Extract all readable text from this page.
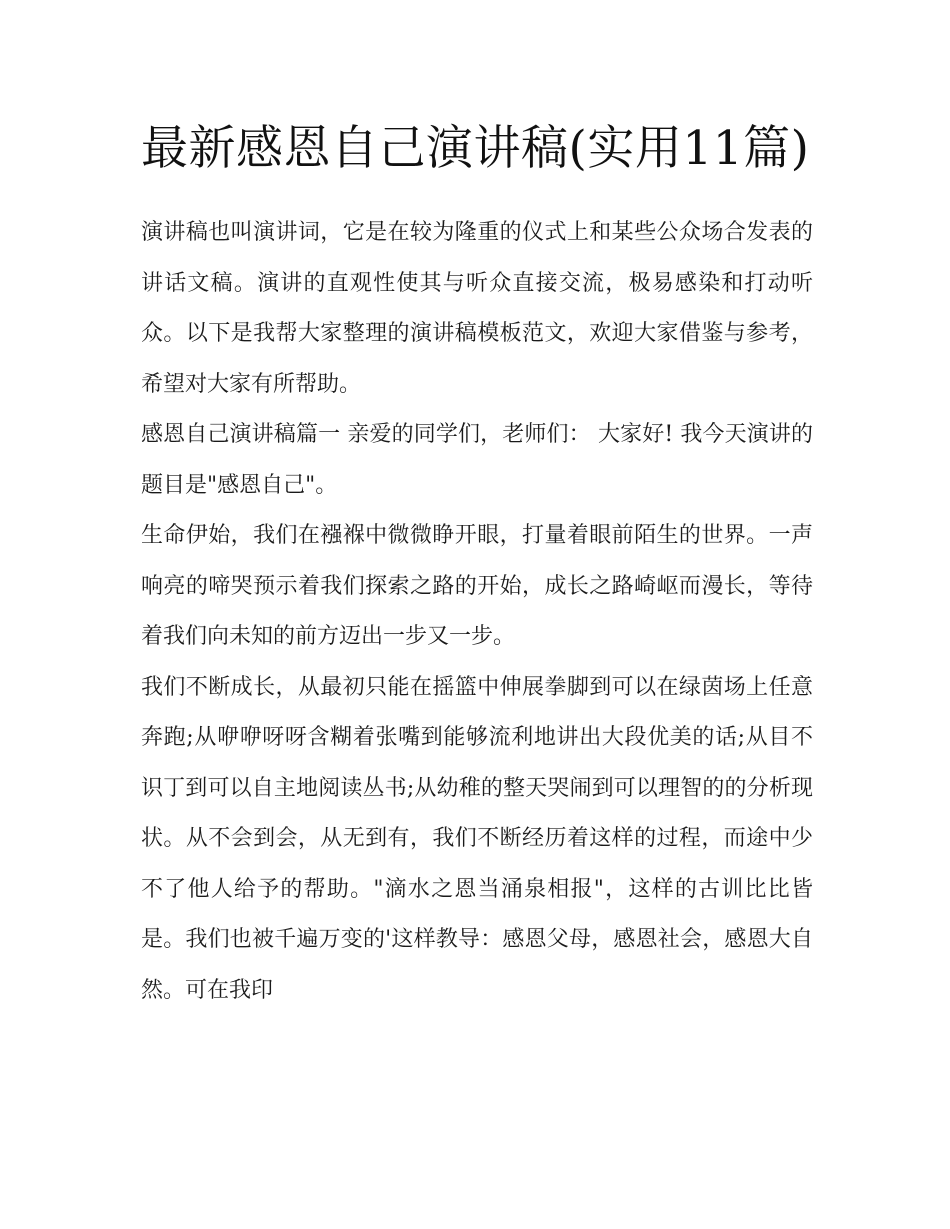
最新感恩自己演讲稿(实用11篇)

演讲稿也叫演讲词，它是在较为隆重的仪式上和某些公众场合发表的讲话文稿。演讲的直观性使其与听众直接交流，极易感染和打动听众。以下是我帮大家整理的演讲稿模板范文，欢迎大家借鉴与参考，希望对大家有所帮助。

感恩自己演讲稿篇一 亲爱的同学们，老师们： 大家好! 我今天演讲的题目是"感恩自己"。

生命伊始，我们在襁褓中微微睁开眼，打量着眼前陌生的世界。一声响亮的啼哭预示着我们探索之路的开始，成长之路崎岖而漫长，等待着我们向未知的前方迈出一步又一步。

我们不断成长，从最初只能在摇篮中伸展拳脚到可以在绿茵场上任意奔跑;从咿咿呀呀含糊着张嘴到能够流利地讲出大段优美的话;从目不识丁到可以自主地阅读丛书;从幼稚的整天哭闹到可以理智的的分析现状。从不会到会，从无到有，我们不断经历着这样的过程，而途中少不了他人给予的帮助。"滴水之恩当涌泉相报"，这样的古训比比皆是。我们也被千遍万变的'这样教导：感恩父母，感恩社会，感恩大自然。可在我印
